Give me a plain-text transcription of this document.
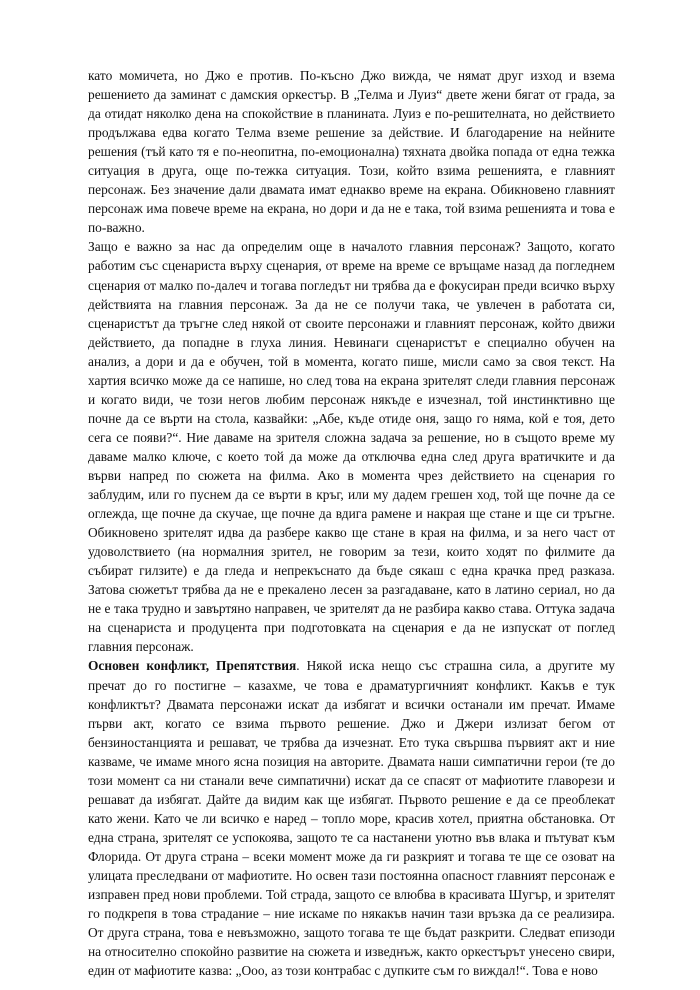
като момичета, но Джо е против. По-късно Джо вижда, че нямат друг изход и взема решението да заминат с дамския оркестър. В „Телма и Луиз“ двете жени бягат от града, за да отидат няколко дена на спокойствие в планината. Луиз е по-решителната, но действието продължава едва когато Телма вземе решение за действие. И благодарение на нейните решения (тъй като тя е по-неопитна, по-емоционална) тяхната двойка попада от една тежка ситуация в друга, още по-тежка ситуация. Този, който взима решенията, е главният персонаж. Без значение дали двамата имат еднакво време на екрана. Обикновено главният персонаж има повече време на екрана, но дори и да не е така, той взима решенията и това е по-важно.

Защо е важно за нас да определим още в началото главния персонаж? Защото, когато работим със сценариста върху сценария, от време на време се връщаме назад да погледнем сценария от малко по-далеч и тогава погледът ни трябва да е фокусиран преди всичко върху действията на главния персонаж. За да не се получи така, че увлечен в работата си, сценаристът да тръгне след някой от своите персонажи и главният персонаж, който движи действието, да попадне в глуха линия. Невинаги сценаристът е специално обучен на анализ, а дори и да е обучен, той в момента, когато пише, мисли само за своя текст. На хартия всичко може да се напише, но след това на екрана зрителят следи главния персонаж и когато види, че този негов любим персонаж някъде е изчезнал, той инстинктивно ще почне да се върти на стола, казвайки: „Абе, къде отиде оня, защо го няма, кой е тоя, дето сега се появи?“. Ние даваме на зрителя сложна задача за решение, но в същото време му даваме малко ключе, с което той да може да отключва една след друга вратичките и да върви напред по сюжета на филма. Ако в момента чрез действието на сценария го заблудим, или го пуснем да се върти в кръг, или му дадем грешен ход, той ще почне да се оглежда, ще почне да скучае, ще почне да вдига рамене и накрая ще стане и ще си тръгне. Обикновено зрителят идва да разбере какво ще стане в края на филма, и за него част от удоволствието (на нормалния зрител, не говорим за тези, които ходят по филмите да събират гилзите) е да гледа и непрекъснато да бъде сякаш с една крачка пред разказа. Затова сюжетът трябва да не е прекалено лесен за разгадаване, като в латино сериал, но да не е така трудно и завъртяно направен, че зрителят да не разбира какво става. Оттука задача на сценариста и продуцента при подготовката на сценария е да не изпускат от поглед главния персонаж.

Основен конфликт, Препятствия. Някой иска нещо със страшна сила, а другите му пречат до го постигне – казахме, че това е драматургичният конфликт. Какъв е тук конфликтът? Двамата персонажи искат да избягат и всички останали им пречат. Имаме първи акт, когато се взима първото решение. Джо и Джери излизат бегом от бензиностанцията и решават, че трябва да изчезнат. Ето тука свършва първият акт и ние казваме, че имаме много ясна позиция на авторите. Двамата наши симпатични герои (те до този момент са ни станали вече симпатични) искат да се спасят от мафиотите главорези и решават да избягат. Дайте да видим как ще избягат. Първото решение е да се преоблекат като жени. Като че ли всичко е наред – топло море, красив хотел, приятна обстановка. От една страна, зрителят се успокоява, защото те са настанени уютно във влака и пътуват към Флорида. От друга страна – всеки момент може да ги разкрият и тогава те ще се озоват на улицата преследвани от мафиотите. Но освен тази постоянна опасност главният персонаж е изправен пред нови проблеми. Той страда, защото се влюбва в красивата Шугър, и зрителят го подкрепя в това страдание – ние искаме по някакъв начин тази връзка да се реализира. От друга страна, това е невъзможно, защото тогава те ще бъдат разкрити. Следват епизоди на относително спокойно развитие на сюжета и изведнъж, както оркестърът унесено свири, един от мафиотите казва: „Ооо, аз този контрабас с дупките съм го виждал!“. Това е ново
